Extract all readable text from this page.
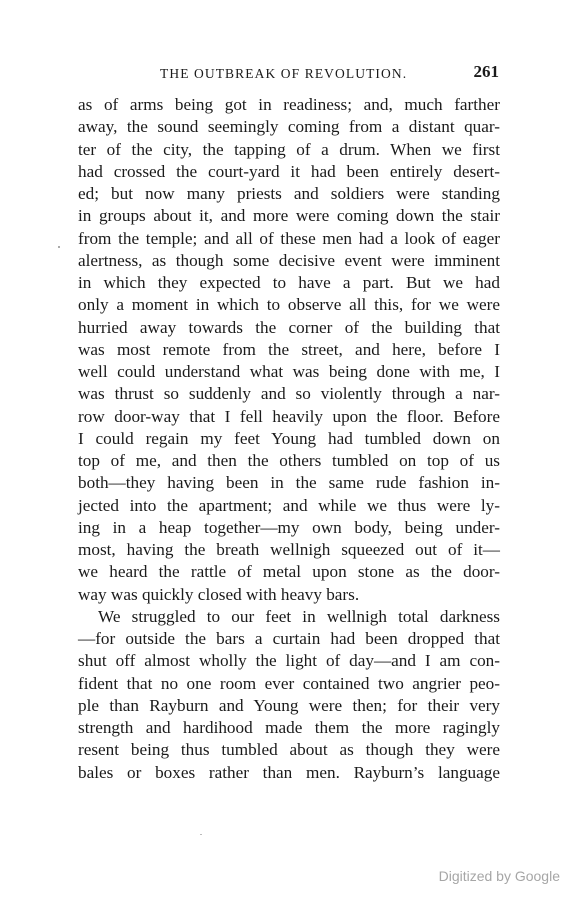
THE OUTBREAK OF REVOLUTION.	261
as of arms being got in readiness; and, much farther
away, the sound seemingly coming from a distant quar-
ter of the city, the tapping of a drum. When we first
had crossed the court-yard it had been entirely desert-
ed; but now many priests and soldiers were standing
in groups about it, and more were coming down the stair
from the temple; and all of these men had a look of eager
alertness, as though some decisive event were imminent
in which they expected to have a part. But we had
only a moment in which to observe all this, for we were
hurried away towards the corner of the building that
was most remote from the street, and here, before I
well could understand what was being done with me, I
was thrust so suddenly and so violently through a nar-
row door-way that I fell heavily upon the floor. Before
I could regain my feet Young had tumbled down on
top of me, and then the others tumbled on top of us
both—they having been in the same rude fashion in-
jected into the apartment; and while we thus were ly-
ing in a heap together—my own body, being under-
most, having the breath wellnigh squeezed out of it—
we heard the rattle of metal upon stone as the door-
way was quickly closed with heavy bars.
We struggled to our feet in wellnigh total darkness
—for outside the bars a curtain had been dropped that
shut off almost wholly the light of day—and I am con-
fident that no one room ever contained two angrier peo-
ple than Rayburn and Young were then; for their very
strength and hardihood made them the more ragingly
resent being thus tumbled about as though they were
bales or boxes rather than men. Rayburn’s language
Digitized by Google
